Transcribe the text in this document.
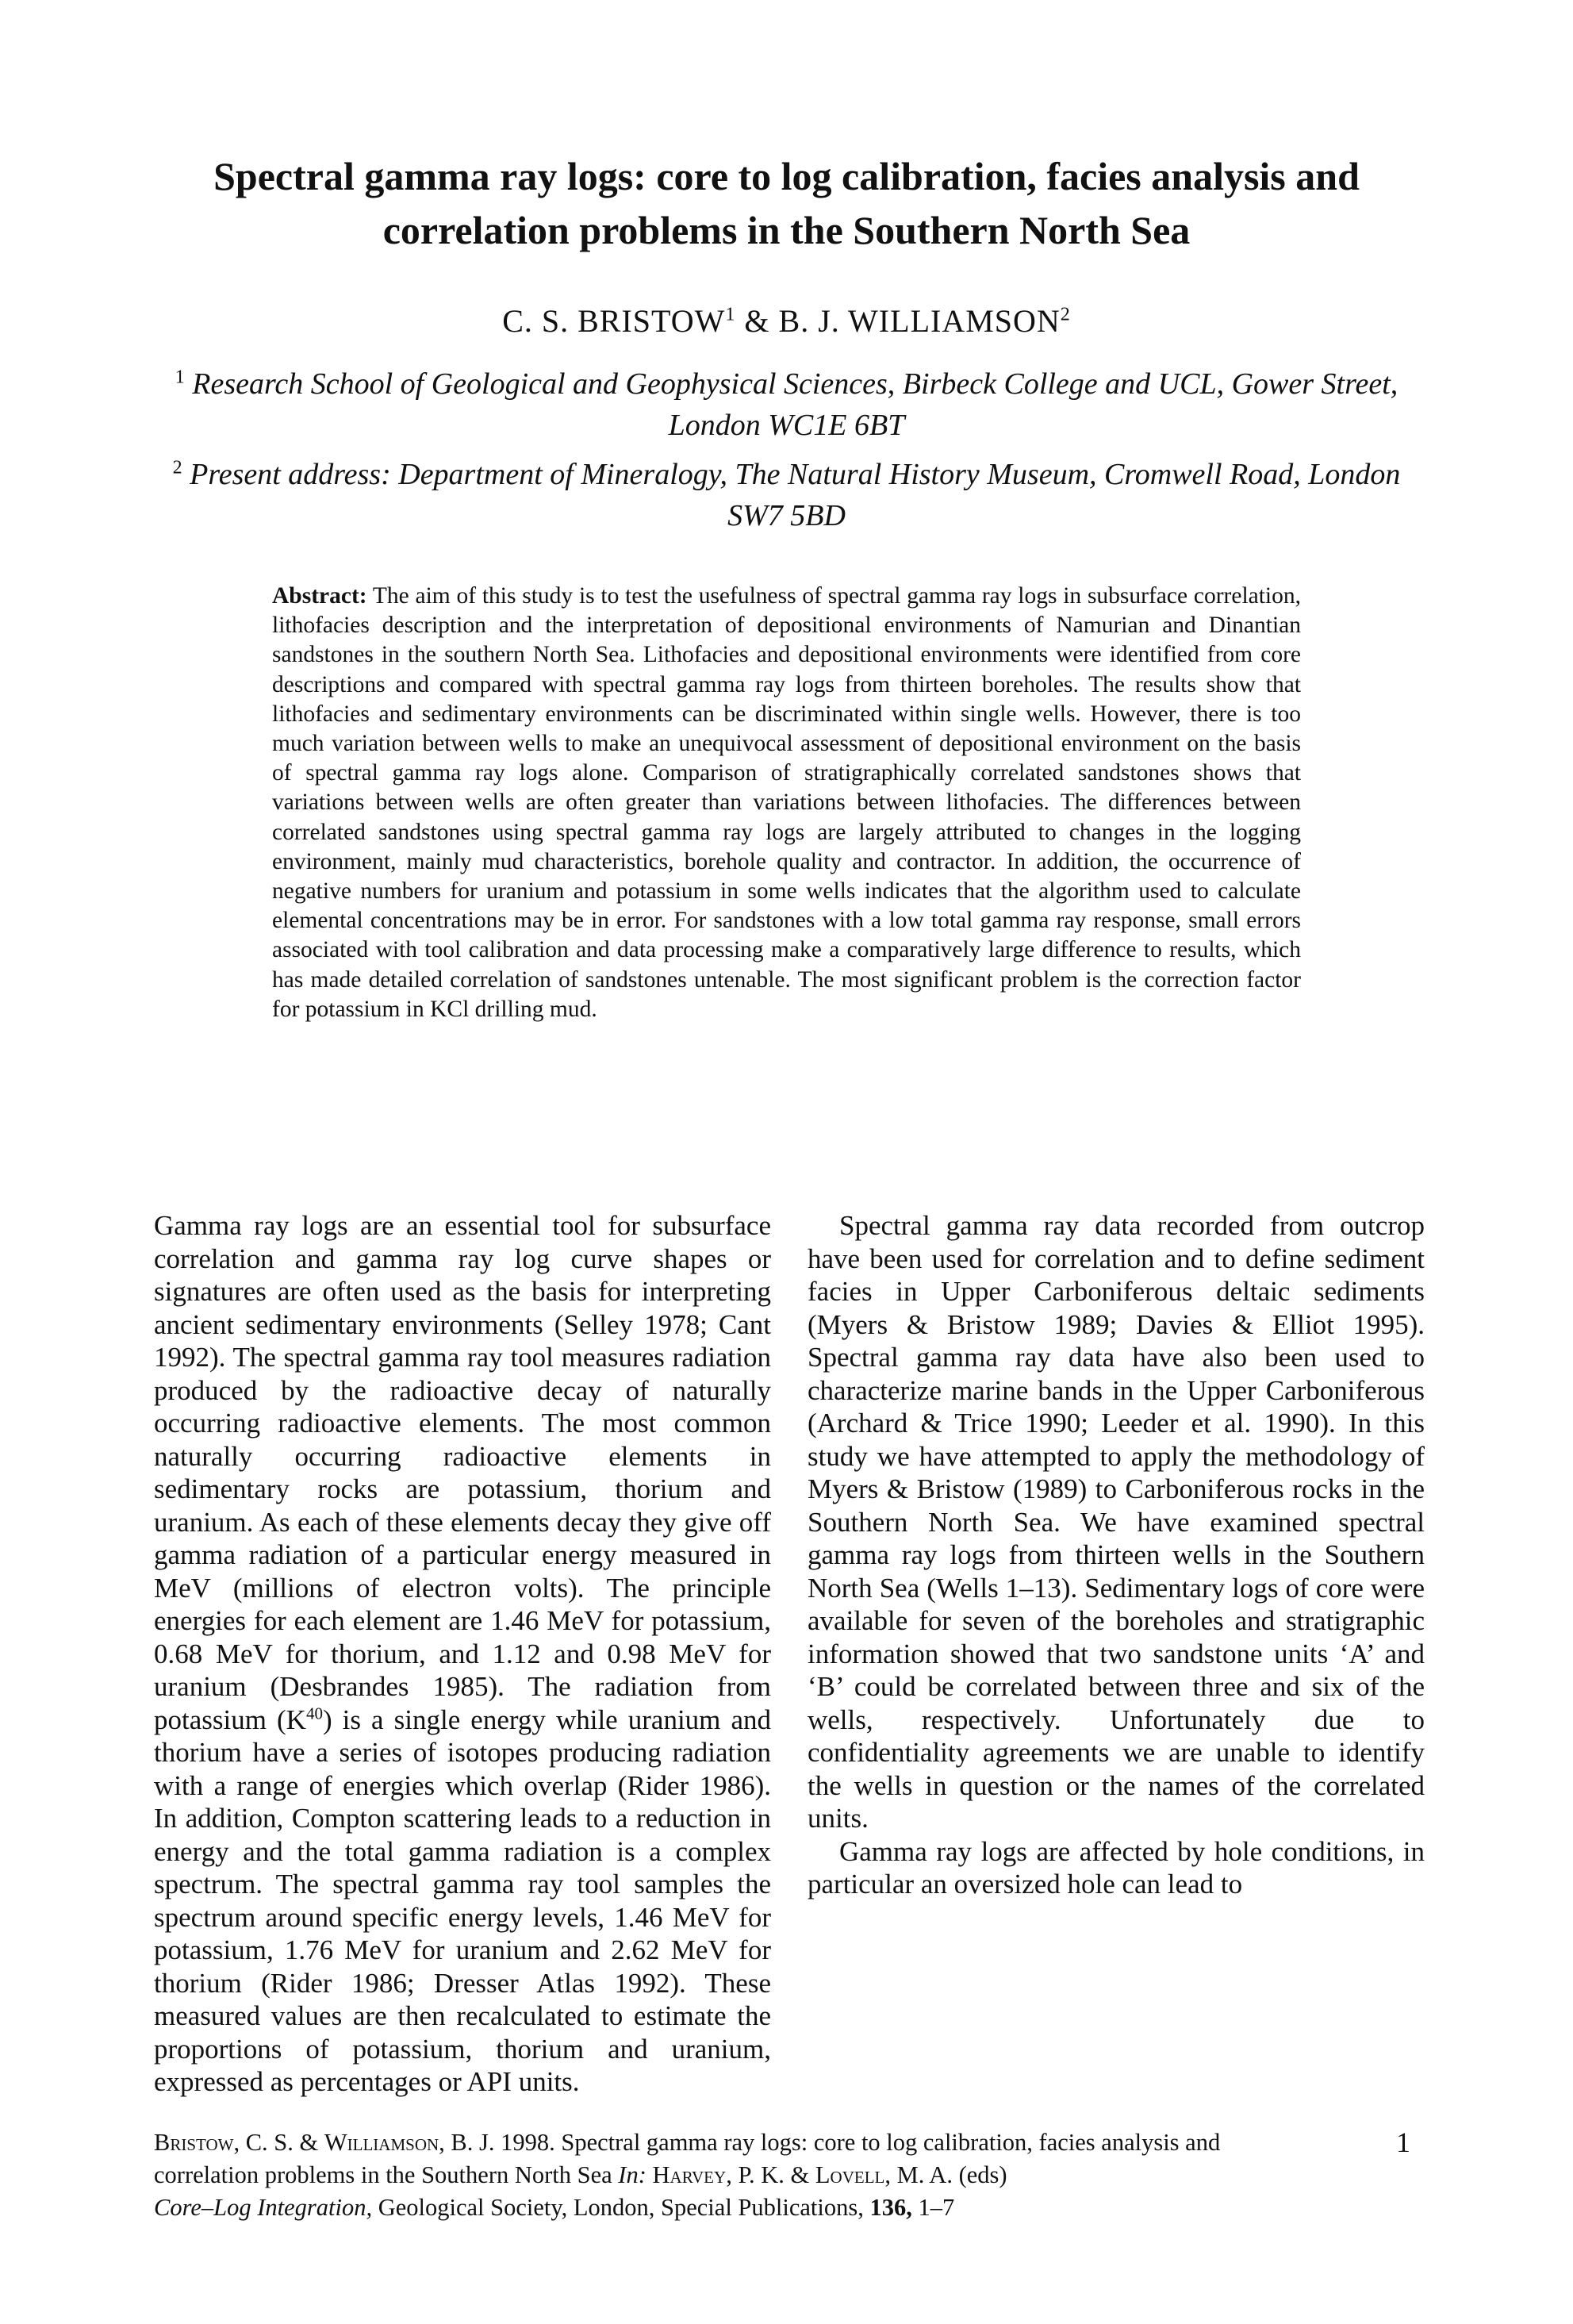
Spectral gamma ray logs: core to log calibration, facies analysis and
correlation problems in the Southern North Sea
C. S. BRISTOW$^1$ & B. J. WILLIAMSON$^2$

$^1$ Research School of Geological and Geophysical Sciences, Birbeck College and UCL, Gower Street, London WC1E 6BT

$^2$ Present address: Department of Mineralogy, The Natural History Museum, Cromwell Road, London SW7 5BD

Abstract: The aim of this study is to test the usefulness of spectral gamma ray logs in subsurface correlation, lithofacies description and the interpretation of depositional environments of Namurian and Dinantian sandstones in the southern North Sea. Lithofacies and depositional environments were identified from core descriptions and compared with spectral gamma ray logs from thirteen boreholes. The results show that lithofacies and sedimentary environments can be discriminated within single wells. However, there is too much variation between wells to make an unequivocal assessment of depositional environment on the basis of spectral gamma ray logs alone. Comparison of stratigraphically correlated sandstones shows that variations between wells are often greater than variations between lithofacies. The differences between correlated sandstones using spectral gamma ray logs are largely attributed to changes in the logging environment, mainly mud characteristics, borehole quality and contractor. In addition, the occurrence of negative numbers for uranium and potassium in some wells indicates that the algorithm used to calculate elemental concentrations may be in error. For sandstones with a low total gamma ray response, small errors associated with tool calibration and data processing make a comparatively large difference to results, which has made detailed correlation of sandstones untenable. The most significant problem is the correction factor for potassium in KCl drilling mud.

Gamma ray logs are an essential tool for subsurface correlation and gamma ray log curve shapes or signatures are often used as the basis for interpreting ancient sedimentary environments (Selley 1978; Cant 1992). The spectral gamma ray tool measures radiation produced by the radioactive decay of naturally occurring radioactive elements. The most common naturally occurring radioactive elements in sedimentary rocks are potassium, thorium and uranium. As each of these elements decay they give off gamma radiation of a particular energy measured in MeV (millions of electron volts). The principle energies for each element are 1.46 MeV for potassium, 0.68 MeV for thorium, and 1.12 and 0.98 MeV for uranium (Desbrandes 1985). The radiation from potassium $(K^{40})$ is a single energy while uranium and thorium have a series of isotopes producing radiation with a range of energies which overlap (Rider 1986). In addition, Compton scattering leads to a reduction in energy and the total gamma radiation is a complex spectrum. The spectral gamma ray tool samples the spectrum around specific energy levels, 1.46 MeV for potassium, 1.76 MeV for uranium and 2.62 MeV for thorium (Rider 1986; Dresser Atlas 1992). These measured values are then recalculated to estimate the proportions of potassium, thorium and uranium, expressed as percentages or API units.

Spectral gamma ray data recorded from outcrop have been used for correlation and to define sediment facies in Upper Carboniferous deltaic sediments (Myers & Bristow 1989; Davies & Elliot 1995). Spectral gamma ray data have also been used to characterize marine bands in the Upper Carboniferous (Archard & Trice 1990; Leeder et al. 1990). In this study we have attempted to apply the methodology of Myers & Bristow (1989) to Carboniferous rocks in the Southern North Sea. We have examined spectral gamma ray logs from thirteen wells in the Southern North Sea (Wells 1–13). Sedimentary logs of core were available for seven of the boreholes and stratigraphic information showed that two sandstone units ‘A’ and ‘B’ could be correlated between three and six of the wells, respectively. Unfortunately due to confidentiality agreements we are unable to identify the wells in question or the names of the correlated units.

Gamma ray logs are affected by hole conditions, in particular an oversized hole can lead to

Bristow, C. S. & Williamson, B. J. 1998. Spectral gamma ray logs: core to log calibration, facies analysis and correlation problems in the Southern North Sea In: Harvey, P. K. & Lovell, M. A. (eds)
Core–Log Integration, Geological Society, London, Special Publications, 136, 1–7

1
